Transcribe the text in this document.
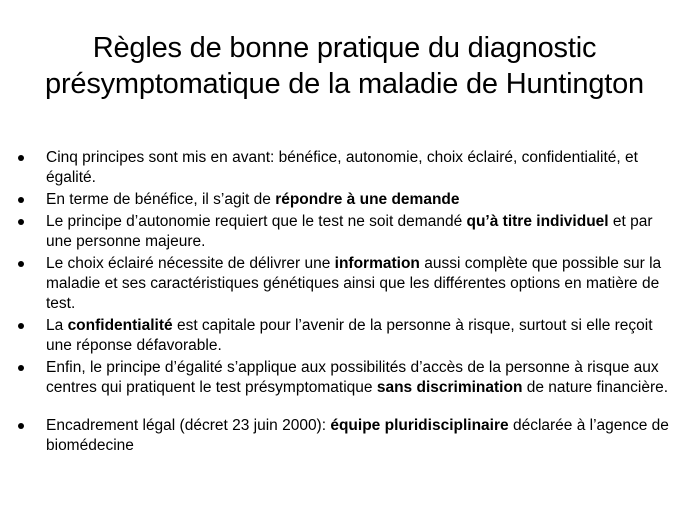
Règles de bonne pratique du diagnostic
présymptomatique de la maladie de Huntington
Cinq principes sont mis en avant: bénéfice, autonomie, choix éclairé, confidentialité, et égalité.
En terme de bénéfice, il s’agit de répondre à une demande
Le principe d’autonomie requiert que le test ne soit demandé qu’à titre individuel et par une personne majeure.
Le choix éclairé nécessite de délivrer une information aussi complète que possible sur la maladie et ses caractéristiques génétiques ainsi que les différentes options en matière de test.
La confidentialité est capitale pour l’avenir de la personne à risque, surtout si elle reçoit une réponse défavorable.
Enfin, le principe d’égalité s’applique aux possibilités d’accès de la personne à risque aux centres qui pratiquent le test présymptomatique sans discrimination de nature financière.
Encadrement légal (décret 23 juin 2000): équipe pluridisciplinaire déclarée à l’agence de biomédecine
